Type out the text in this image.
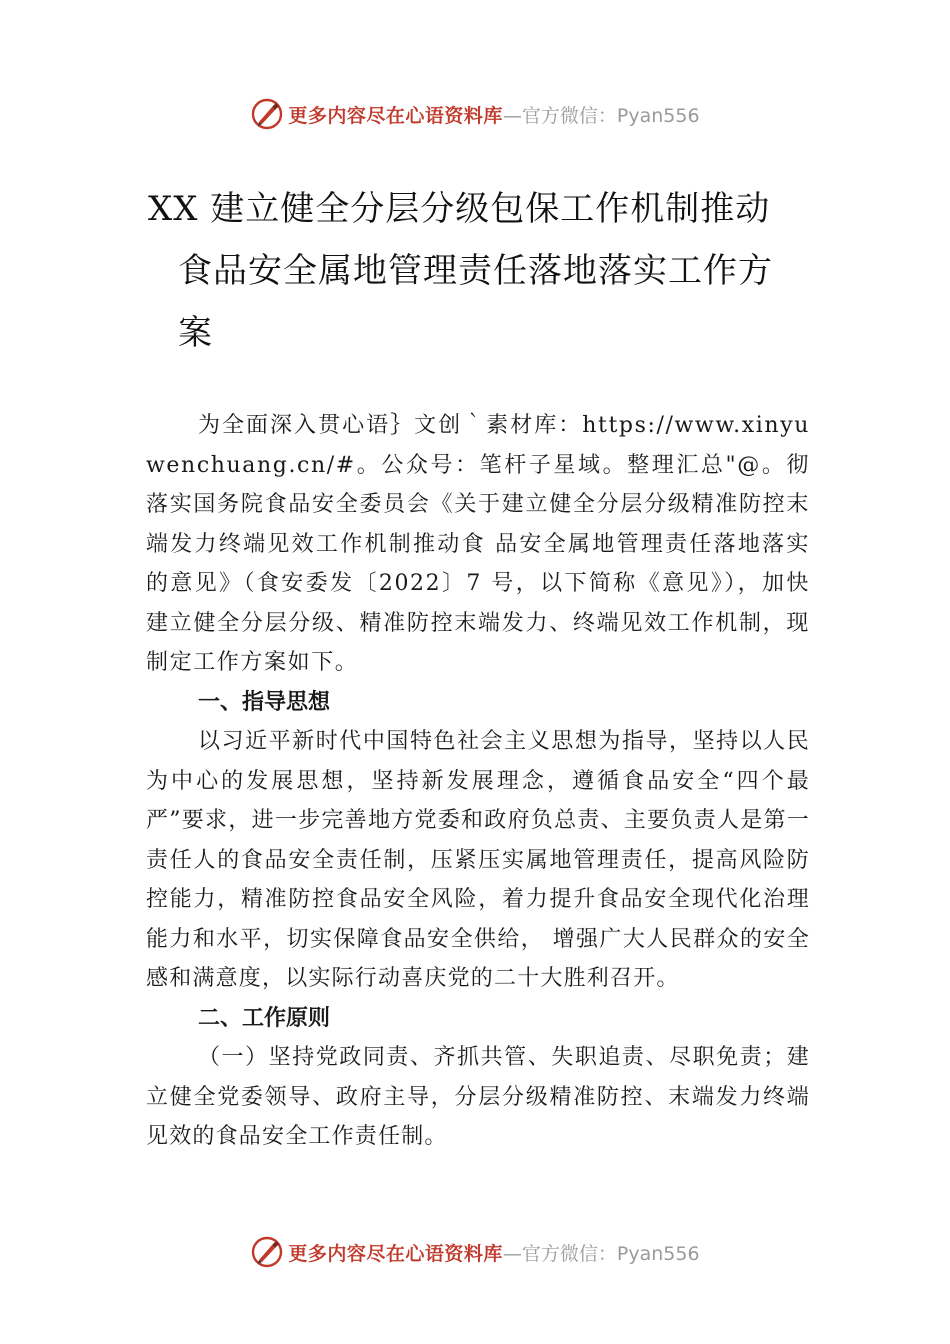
更多内容尽在心语资料库 —官方微信：Pyan556
XX 建立健全分层分级包保工作机制推动
食品安全属地管理责任落地落实工作方
案

为全面深入贯心语｝文创｀素材库：https://www.xinyuwenchuang.cn/#。公众号：笔杆子星域。整理汇总"@。彻落实国务院食品安全委员会《关于建立健全分层分级精准防控末端发力终端见效工作机制推动食 品安全属地管理责任落地落实的意见》（食安委发〔2022〕7 号，以下简称《意见》），加快建立健全分层分级、精准防控末端发力、终端见效工作机制，现制定工作方案如下。

一、指导思想

以习近平新时代中国特色社会主义思想为指导，坚持以人民为中心的发展思想，坚持新发展理念，遵循食品安全“四个最严”要求，进一步完善地方党委和政府负总责、主要负责人是第一责任人的食品安全责任制，压紧压实属地管理责任，提高风险防控能力，精准防控食品安全风险，着力提升食品安全现代化治理能力和水平，切实保障食品安全供给， 增强广大人民群众的安全感和满意度，以实际行动喜庆党的二十大胜利召开。

二、工作原则

（一）坚持党政同责、齐抓共管、失职追责、尽职免责；建立健全党委领导、政府主导，分层分级精准防控、末端发力终端见效的食品安全工作责任制。

更多内容尽在心语资料库 —官方微信：Pyan556
